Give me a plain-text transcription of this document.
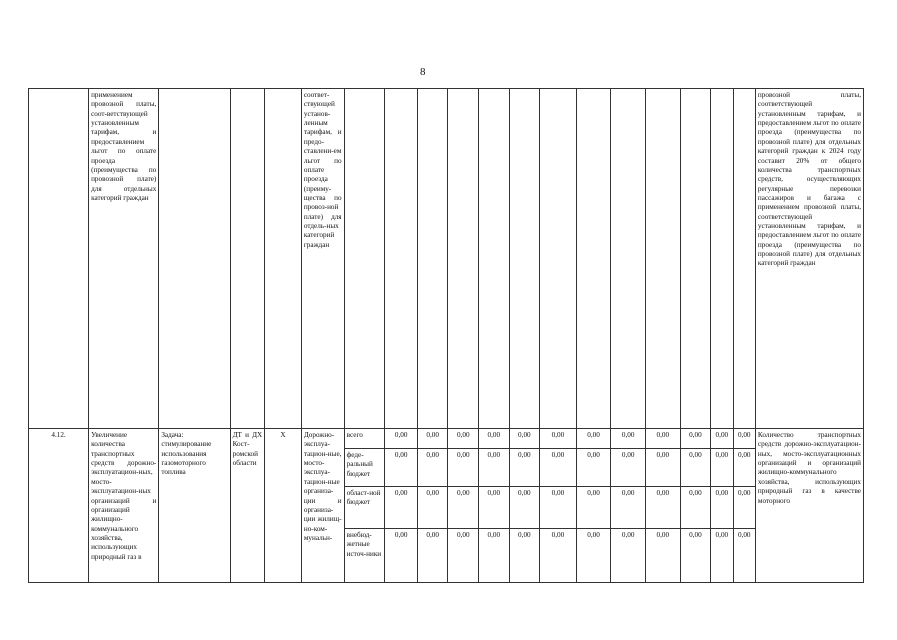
8
	применением провозной платы, соот-ветствующей установленным тарифам, и предоставлением льгот по оплате проезда (преимущества по провозной плате) для отдельных категорий граждан				соответ-ствующей установ-ленным тарифам, и предо-ставлени-ем льгот по оплате проезда (преиму-щества по провоз-ной плате) для отдель-ных категорий граждан														провозной платы, соответствующей установленным тарифам, и предоставлением льгот по оплате проезда (преимущества по провозной плате) для отдельных категорий граждан к 2024 году составит 20% от общего количества транспортных средств, осуществляющих регулярные перевозки пассажиров и багажа с применением провозной платы, соответствующей установленным тарифам, и предоставлением льгот по оплате проезда (преимущества по провозной плате) для отдельных категорий граждан
4.12.	Увеличение количества транспортных средств дорожно-эксплуатацион-ных, мосто-эксплуатацион-ных организаций и организаций жилищно-коммунального хозяйства, использующих природный газ в	Задача: стимулирование использования газомоторного топлива	ДТ и ДХ Кост-ромской области	X	Дорожно-эксплуа-тацион-ные, мосто-эксплуа-тацион-ные организа-ции и организа-ции жилищ-но-ком-мунальн-	всего	0,00	0,00	0,00	0,00	0,00	0,00	0,00	0,00	0,00	0,00	0,00	0,00	Количество транспортных средств дорожно-эксплуатацион-ных, мосто-эксплуатационных организаций и организаций жилищно-коммунального хозяйства, использующих природный газ в качестве моторного
						феде-ральный бюджет	0,00	0,00	0,00	0,00	0,00	0,00	0,00	0,00	0,00	0,00	0,00	0,00	
						област-ной бюджет	0,00	0,00	0,00	0,00	0,00	0,00	0,00	0,00	0,00	0,00	0,00	0,00	
						внебюд-жетные источ-ники	0,00	0,00	0,00	0,00	0,00	0,00	0,00	0,00	0,00	0,00	0,00	0,00	
